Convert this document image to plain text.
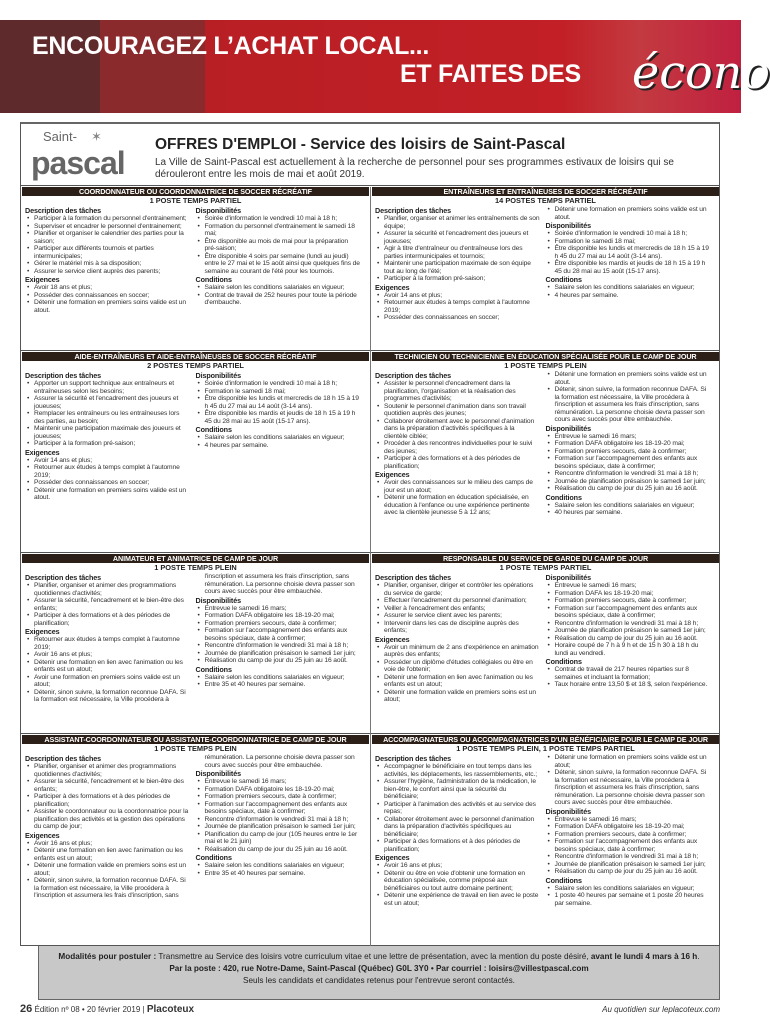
ENCOURAGEZ L’ACHAT LOCAL...
ET FAITES DES écono
Saint- ✶
pascal
OFFRES D'EMPLOI - Service des loisirs de Saint-Pascal
La Ville de Saint-Pascal est actuellement à la recherche de personnel pour ses programmes estivaux de loisirs qui se dérouleront entre les mois de mai et août 2019.
COORDONNATEUR OU COORDONNATRICE DE SOCCER RÉCRÉATIF
1 POSTE TEMPS PARTIEL
Description des tâches
• Participer à la formation du personnel d'entrainement;
• Superviser et encadrer le personnel d'entrainement;
• Planifier et organiser le calendrier des parties pour la saison;
• Participer aux différents tournois et parties intermunicipales;
• Gérer le matériel mis à sa disposition;
• Assurer le service client auprès des parents;
Exigences
• Avoir 18 ans et plus;
• Posséder des connaissances en soccer;
• Détenir une formation en premiers soins valide est un atout.
Disponibilités
• Soirée d'information le vendredi 10 mai à 18 h;
• Formation du personnel d'entrainement le samedi 18 mai;
• Être disponible au mois de mai pour la préparation pré-saison;
• Être disponible 4 soirs par semaine (lundi au jeudi) entre le 27 mai et le 15 août ainsi que quelques fins de semaine au courant de l'été pour les tournois.
Conditions
• Salaire selon les conditions salariales en vigueur;
• Contrat de travail de 252 heures pour toute la période d'embauche.
ENTRAÎNEURS ET ENTRAÎNEUSES DE SOCCER RÉCRÉATIF
14 POSTES TEMPS PARTIEL
Description des tâches
• Planifier, organiser et animer les entraînements de son équipe;
• Assurer la sécurité et l'encadrement des joueurs et joueuses;
• Agir à titre d'entraîneur ou d'entraîneuse lors des parties intermunicipales et tournois;
• Maintenir une participation maximale de son équipe tout au long de l'été;
• Participer à la formation pré-saison;
Exigences
• Avoir 14 ans et plus;
• Retourner aux études à temps complet à l'automne 2019;
• Posséder des connaissances en soccer;
• Détenir une formation en premiers soins valide est un atout.
Disponibilités
• Soirée d'information le vendredi 10 mai à 18 h;
• Formation le samedi 18 mai;
• Être disponible les lundis et mercredis de 18 h 15 à 19 h 45 du 27 mai au 14 août (3-14 ans).
• Être disponible les mardis et jeudis de 18 h 15 à 19 h 45 du 28 mai au 15 août (15-17 ans).
Conditions
• Salaire selon les conditions salariales en vigueur;
• 4 heures par semaine.
AIDE-ENTRAÎNEURS ET AIDE-ENTRAÎNEUSES DE SOCCER RÉCRÉATIF
2 POSTES TEMPS PARTIEL
Description des tâches
• Apporter un support technique aux entraîneurs et entraîneuses selon les besoins;
• Assurer la sécurité et l'encadrement des joueurs et joueuses;
• Remplacer les entraîneurs ou les entraîneuses lors des parties, au besoin;
• Maintenir une participation maximale des joueurs et joueuses;
• Participer à la formation pré-saison;
Exigences
• Avoir 14 ans et plus;
• Retourner aux études à temps complet à l'automne 2019;
• Posséder des connaissances en soccer;
• Détenir une formation en premiers soins valide est un atout.
Disponibilités
• Soirée d'information le vendredi 10 mai à 18 h;
• Formation le samedi 18 mai;
• Être disponible les lundis et mercredis de 18 h 15 à 19 h 45 du 27 mai au 14 août (3-14 ans).
• Être disponible les mardis et jeudis de 18 h 15 à 19 h 45 du 28 mai au 15 août (15-17 ans).
Conditions
• Salaire selon les conditions salariales en vigueur;
• 4 heures par semaine.
TECHNICIEN OU TECHNICIENNE EN ÉDUCATION SPÉCIALISÉE POUR LE CAMP DE JOUR
1 POSTE TEMPS PLEIN
Description des tâches
• Assister le personnel d'encadrement dans la planification, l'organisation et la réalisation des programmes d'activités;
• Soutenir le personnel d'animation dans son travail quotidien auprès des jeunes;
• Collaborer étroitement avec le personnel d'animation dans la préparation d'activités spécifiques à la clientèle ciblée;
• Procéder à des rencontres individuelles pour le suivi des jeunes;
• Participer à des formations et à des périodes de planification;
Exigences
• Avoir des connaissances sur le milieu des camps de jour est un atout;
• Détenir une formation en éducation spécialisée, en éducation à l'enfance ou une expérience pertinente avec la clientèle jeunesse 5 à 12 ans;
• Détenir une formation en premiers soins valide est un atout.
• Détenir, sinon suivre, la formation reconnue DAFA. Si la formation est nécessaire, la Ville procédera à l'inscription et assumera les frais d'inscription, sans rémunération. La personne choisie devra passer son cours avec succès pour être embauchée.
Disponibilités
• Entrevue le samedi 16 mars;
• Formation DAFA obligatoire les 18-19-20 mai;
• Formation premiers secours, date à confirmer;
• Formation sur l'accompagnement des enfants aux besoins spéciaux, date à confirmer;
• Rencontre d'information le vendredi 31 mai à 18 h;
• Journée de planification présaison le samedi 1er juin;
• Réalisation du camp de jour du 25 juin au 16 août.
Conditions
• Salaire selon les conditions salariales en vigueur;
• 40 heures par semaine.
ANIMATEUR ET ANIMATRICE DE CAMP DE JOUR
1 POSTE TEMPS PLEIN
Description des tâches
• Planifier, organiser et animer des programmations quotidiennes d'activités;
• Assurer la sécurité, l'encadrement et le bien-être des enfants;
• Participer à des formations et à des périodes de planification;
Exigences
• Retourner aux études à temps complet à l'automne 2019;
• Avoir 16 ans et plus;
• Détenir une formation en lien avec l'animation ou les enfants est un atout;
• Avoir une formation en premiers soins valide est un atout;
• Détenir, sinon suivre, la formation reconnue DAFA. Si la formation est nécessaire, la Ville procédera à
l'inscription et assumera les frais d'inscription, sans rémunération. La personne choisie devra passer son cours avec succès pour être embauchée.
Disponibilités
• Entrevue le samedi 16 mars;
• Formation DAFA obligatoire les 18-19-20 mai;
• Formation premiers secours, date à confirmer;
• Formation sur l'accompagnement des enfants aux besoins spéciaux, date à confirmer;
• Rencontre d'information le vendredi 31 mai à 18 h;
• Journée de planification présaison le samedi 1er juin;
• Réalisation du camp de jour du 25 juin au 16 août.
Conditions
• Salaire selon les conditions salariales en vigueur;
• Entre 35 et 40 heures par semaine.
RESPONSABLE DU SERVICE DE GARDE DU CAMP DE JOUR
1 POSTE TEMPS PARTIEL
Description des tâches
• Planifier, organiser, diriger et contrôler les opérations du service de garde;
• Effectuer l'encadrement du personnel d'animation;
• Veiller à l'encadrement des enfants;
• Assurer le service client avec les parents;
• Intervenir dans les cas de discipline auprès des enfants;
Exigences
• Avoir un minimum de 2 ans d'expérience en animation auprès des enfants;
• Posséder un diplôme d'études collégiales ou être en voie de l'obtenir;
• Détenir une formation en lien avec l'animation ou les enfants est un atout;
• Détenir une formation valide en premiers soins est un atout;
Disponibilités
• Entrevue le samedi 16 mars;
• Formation DAFA les 18-19-20 mai;
• Formation premiers secours, date à confirmer;
• Formation sur l'accompagnement des enfants aux besoins spéciaux, date à confirmer;
• Rencontre d'information le vendredi 31 mai à 18 h;
• Journée de planification présaison le samedi 1er juin;
• Réalisation du camp de jour du 25 juin au 16 août.
• Horaire coupé de 7 h à 9 h et de 15 h 30 à 18 h du lundi au vendredi.
Conditions
• Contrat de travail de 217 heures réparties sur 8 semaines et incluant la formation;
• Taux horaire entre 13,50 $ et 18 $, selon l'expérience.
ASSISTANT-COORDONNATEUR OU ASSISTANTE-COORDONNATRICE DE CAMP DE JOUR
1 POSTE TEMPS PLEIN
Description des tâches
• Planifier, organiser et animer des programmations quotidiennes d'activités;
• Assurer la sécurité, l'encadrement et le bien-être des enfants;
• Participer à des formations et à des périodes de planification;
• Assister le coordonnateur ou la coordonnatrice pour la planification des activités et la gestion des opérations du camp de jour;
Exigences
• Avoir 16 ans et plus;
• Détenir une formation en lien avec l'animation ou les enfants est un atout;
• Détenir une formation valide en premiers soins est un atout;
• Détenir, sinon suivre, la formation reconnue DAFA. Si la formation est nécessaire, la Ville procédera à l'inscription et assumera les frais d'inscription, sans
rémunération. La personne choisie devra passer son cours avec succès pour être embauchée.
Disponibilités
• Entrevue le samedi 16 mars;
• Formation DAFA obligatoire les 18-19-20 mai;
• Formation premiers secours, date à confirmer;
• Formation sur l'accompagnement des enfants aux besoins spéciaux, date à confirmer;
• Rencontre d'information le vendredi 31 mai à 18 h;
• Journée de planification présaison le samedi 1er juin;
• Planification du camp de jour (105 heures entre le 1er mai et le 21 juin)
• Réalisation du camp de jour du 25 juin au 16 août.
Conditions
• Salaire selon les conditions salariales en vigueur;
• Entre 35 et 40 heures par semaine.
ACCOMPAGNATEURS OU ACCOMPAGNATRICES D'UN BÉNÉFICIAIRE POUR LE CAMP DE JOUR
1 POSTE TEMPS PLEIN, 1 POSTE TEMPS PARTIEL
Description des tâches
• Accompagner le bénéficiaire en tout temps dans les activités, les déplacements, les rassemblements, etc.;
• Assurer l'hygiène, l'administration de la médication, le bien-être, le confort ainsi que la sécurité du bénéficiaire;
• Participer à l'animation des activités et au service des repas;
• Collaborer étroitement avec le personnel d'animation dans la préparation d'activités spécifiques au bénéficiaire;
• Participer à des formations et à des périodes de planification;
Exigences
• Avoir 16 ans et plus;
• Détenir ou être en voie d'obtenir une formation en éducation spécialisée, comme préposé aux bénéficiaires ou tout autre domaine pertinent;
• Détenir une expérience de travail en lien avec le poste est un atout;
• Détenir une formation en premiers soins valide est un atout;
• Détenir, sinon suivre, la formation reconnue DAFA. Si la formation est nécessaire, la Ville procédera à l'inscription et assumera les frais d'inscription, sans rémunération. La personne choisie devra passer son cours avec succès pour être embauchée.
Disponibilités
• Entrevue le samedi 16 mars;
• Formation DAFA obligatoire les 18-19-20 mai;
• Formation premiers secours, date à confirmer;
• Formation sur l'accompagnement des enfants aux besoins spéciaux, date à confirmer;
• Rencontre d'information le vendredi 31 mai à 18 h;
• Journée de planification présaison le samedi 1er juin;
• Réalisation du camp de jour du 25 juin au 16 août.
Conditions
• Salaire selon les conditions salariales en vigueur;
• 1 poste 40 heures par semaine et 1 poste 20 heures par semaine.
Modalités pour postuler : Transmettre au Service des loisirs votre curriculum vitae et une lettre de présentation, avec la mention du poste désiré, avant le lundi 4 mars à 16 h.
Par la poste : 420, rue Notre-Dame, Saint-Pascal (Québec) G0L 3Y0 • Par courriel : loisirs@villestpascal.com
Seuls les candidats et candidates retenus pour l'entrevue seront contactés.
26 Édition nº 08 • 20 février 2019 | Placoteux	Au quotidien sur leplacoteux.com
